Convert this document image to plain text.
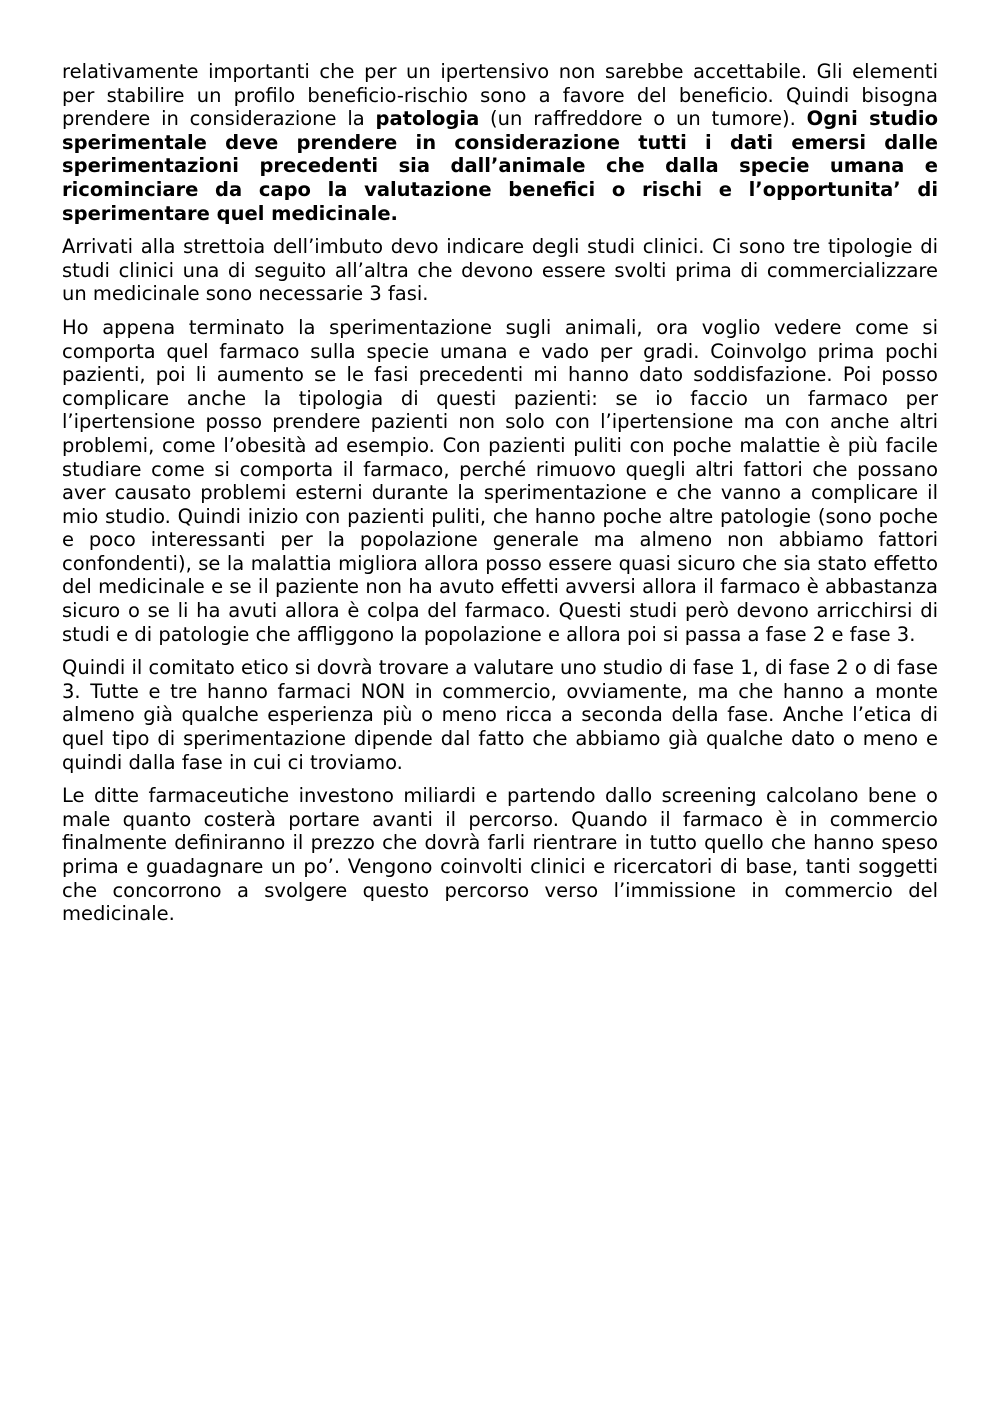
relativamente importanti che per un ipertensivo non sarebbe accettabile. Gli elementi per stabilire un profilo beneficio-rischio sono a favore del beneficio. Quindi bisogna prendere in considerazione la patologia (un raffreddore o un tumore). Ogni studio sperimentale deve prendere in considerazione tutti i dati emersi dalle sperimentazioni precedenti sia dall’animale che dalla specie umana e ricominciare da capo la valutazione benefici o rischi e l’opportunita’ di sperimentare quel medicinale.

Arrivati alla strettoia dell’imbuto devo indicare degli studi clinici. Ci sono tre tipologie di studi clinici una di seguito all’altra che devono essere svolti prima di commercializzare un medicinale sono necessarie 3 fasi.

Ho appena terminato la sperimentazione sugli animali, ora voglio vedere come si comporta quel farmaco sulla specie umana e vado per gradi. Coinvolgo prima pochi pazienti, poi li aumento se le fasi precedenti mi hanno dato soddisfazione. Poi posso complicare anche la tipologia di questi pazienti: se io faccio un farmaco per l’ipertensione posso prendere pazienti non solo con l’ipertensione ma con anche altri problemi, come l’obesità ad esempio. Con pazienti puliti con poche malattie è più facile studiare come si comporta il farmaco, perché rimuovo quegli altri fattori che possano aver causato problemi esterni durante la sperimentazione e che vanno a complicare il mio studio. Quindi inizio con pazienti puliti, che hanno poche altre patologie (sono poche e poco interessanti per la popolazione generale ma almeno non abbiamo fattori confondenti), se la malattia migliora allora posso essere quasi sicuro che sia stato effetto del medicinale e se il paziente non ha avuto effetti avversi allora il farmaco è abbastanza sicuro o se li ha avuti allora è colpa del farmaco. Questi studi però devono arricchirsi di studi e di patologie che affliggono la popolazione e allora poi si passa a fase 2 e fase 3.

Quindi il comitato etico si dovrà trovare a valutare uno studio di fase 1, di fase 2 o di fase 3. Tutte e tre hanno farmaci NON in commercio, ovviamente, ma che hanno a monte almeno già qualche esperienza più o meno ricca a seconda della fase. Anche l’etica di quel tipo di sperimentazione dipende dal fatto che abbiamo già qualche dato o meno e quindi dalla fase in cui ci troviamo.

Le ditte farmaceutiche investono miliardi e partendo dallo screening calcolano bene o male quanto costerà portare avanti il percorso. Quando il farmaco è in commercio finalmente definiranno il prezzo che dovrà farli rientrare in tutto quello che hanno speso prima e guadagnare un po’. Vengono coinvolti clinici e ricercatori di base, tanti soggetti che concorrono a svolgere questo percorso verso l’immissione in commercio del medicinale.
